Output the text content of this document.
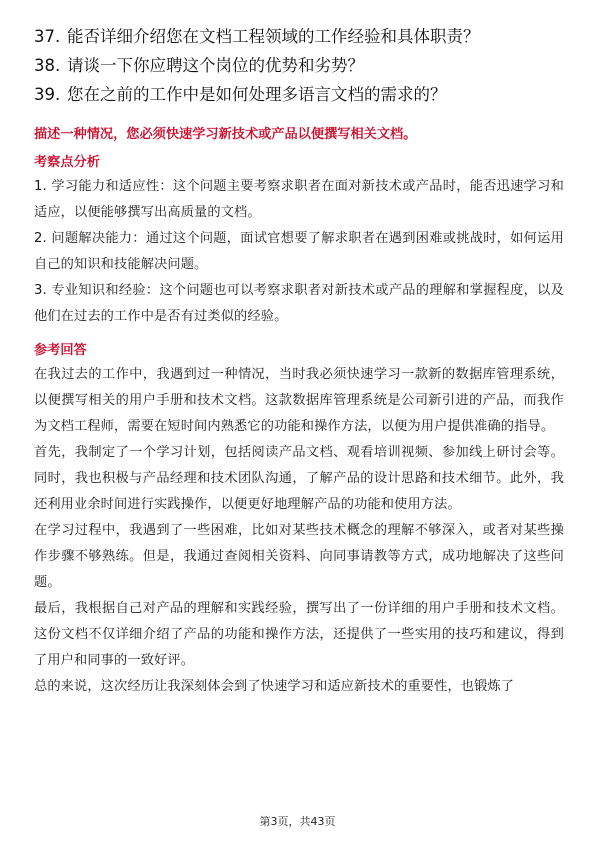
37. 能否详细介绍您在文档工程领域的工作经验和具体职责？
38. 请谈一下你应聘这个岗位的优势和劣势？
39. 您在之前的工作中是如何处理多语言文档的需求的？
描述一种情况，您必须快速学习新技术或产品以便撰写相关文档。
考察点分析

1. 学习能力和适应性：这个问题主要考察求职者在面对新技术或产品时，能否迅速学习和适应，以便能够撰写出高质量的文档。

2. 问题解决能力：通过这个问题，面试官想要了解求职者在遇到困难或挑战时，如何运用自己的知识和技能解决问题。

3. 专业知识和经验：这个问题也可以考察求职者对新技术或产品的理解和掌握程度，以及他们在过去的工作中是否有过类似的经验。

参考回答

在我过去的工作中，我遇到过一种情况，当时我必须快速学习一款新的数据库管理系统，以便撰写相关的用户手册和技术文档。这款数据库管理系统是公司新引进的产品，而我作为文档工程师，需要在短时间内熟悉它的功能和操作方法，以便为用户提供准确的指导。

首先，我制定了一个学习计划，包括阅读产品文档、观看培训视频、参加线上研讨会等。同时，我也积极与产品经理和技术团队沟通，了解产品的设计思路和技术细节。此外，我还利用业余时间进行实践操作，以便更好地理解产品的功能和使用方法。

在学习过程中，我遇到了一些困难，比如对某些技术概念的理解不够深入，或者对某些操作步骤不够熟练。但是，我通过查阅相关资料、向同事请教等方式，成功地解决了这些问题。

最后，我根据自己对产品的理解和实践经验，撰写出了一份详细的用户手册和技术文档。这份文档不仅详细介绍了产品的功能和操作方法，还提供了一些实用的技巧和建议，得到了用户和同事的一致好评。

总的来说，这次经历让我深刻体会到了快速学习和适应新技术的重要性，也锻炼了

第3页，共43页
